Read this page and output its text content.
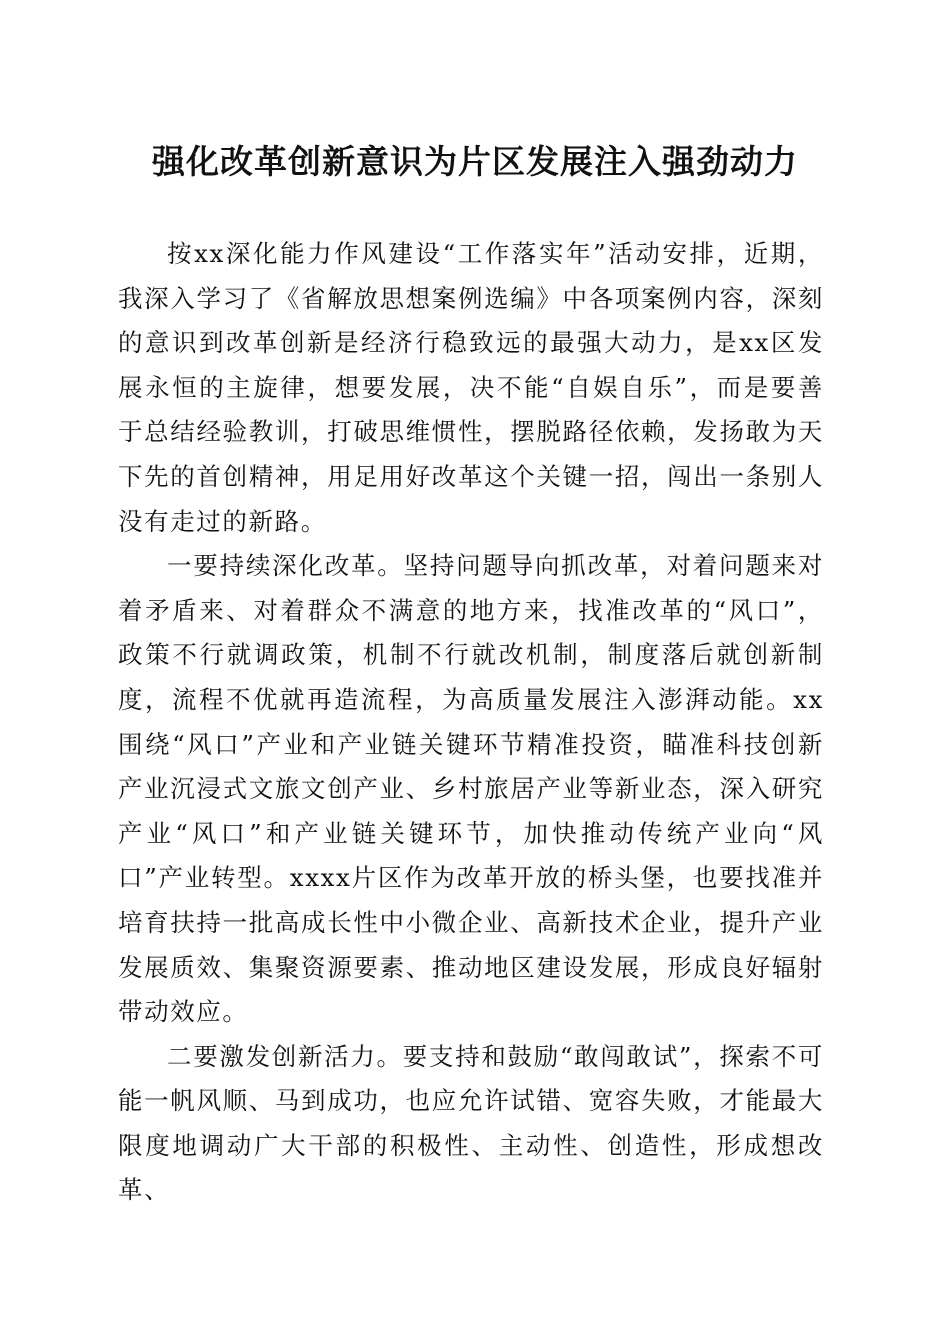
强化改革创新意识为片区发展注入强劲动力

按xx深化能力作风建设“工作落实年”活动安排，近期，我深入学习了《省解放思想案例选编》中各项案例内容，深刻的意识到改革创新是经济行稳致远的最强大动力，是xx区发展永恒的主旋律，想要发展，决不能“自娱自乐”，而是要善于总结经验教训，打破思维惯性，摆脱路径依赖，发扬敢为天下先的首创精神，用足用好改革这个关键一招，闯出一条别人没有走过的新路。

一要持续深化改革。坚持问题导向抓改革，对着问题来对着矛盾来、对着群众不满意的地方来，找准改革的“风口”，政策不行就调政策，机制不行就改机制，制度落后就创新制度，流程不优就再造流程，为高质量发展注入澎湃动能。xx围绕“风口”产业和产业链关键环节精准投资，瞄准科技创新产业沉浸式文旅文创产业、乡村旅居产业等新业态，深入研究产业“风口”和产业链关键环节，加快推动传统产业向“风口”产业转型。xxxx片区作为改革开放的桥头堡，也要找准并培育扶持一批高成长性中小微企业、高新技术企业，提升产业发展质效、集聚资源要素、推动地区建设发展，形成良好辐射带动效应。

二要激发创新活力。要支持和鼓励“敢闯敢试”，探索不可能一帆风顺、马到成功，也应允许试错、宽容失败，才能最大限度地调动广大干部的积极性、主动性、创造性，形成想改革、
